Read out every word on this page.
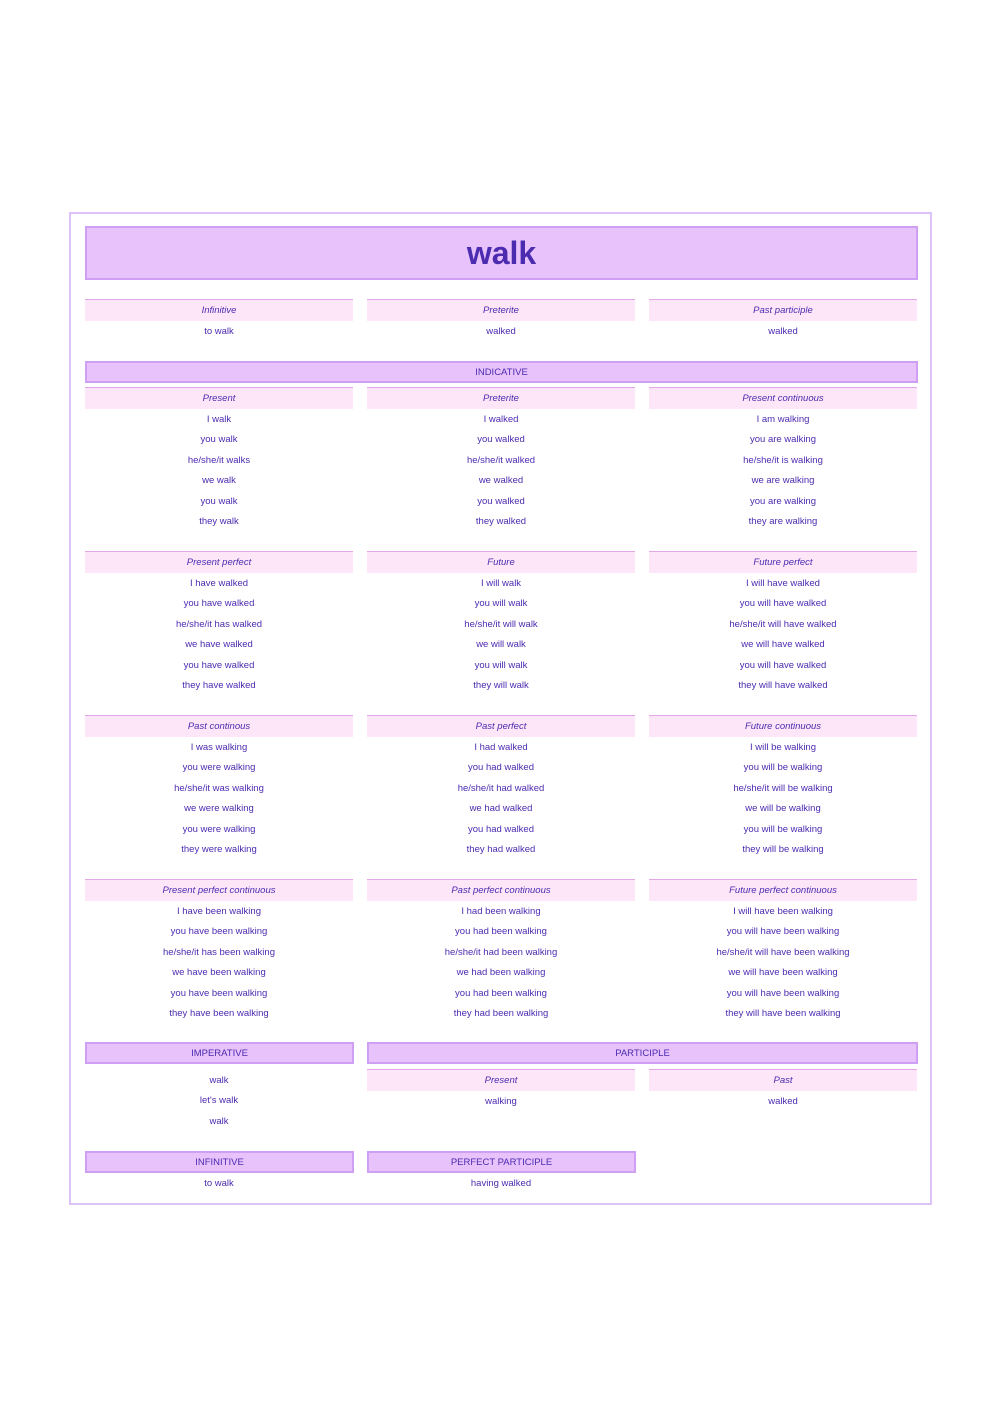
walk
Infinitive
to walk
Preterite
walked
Past participle
walked
INDICATIVE
Present
I walk
you walk
he/she/it walks
we walk
you walk
they walk
Preterite
I walked
you walked
he/she/it walked
we walked
you walked
they walked
Present continuous
I am walking
you are walking
he/she/it is walking
we are walking
you are walking
they are walking
Present perfect
I have walked
you have walked
he/she/it has walked
we have walked
you have walked
they have walked
Future
I will walk
you will walk
he/she/it will walk
we will walk
you will walk
they will walk
Future perfect
I will have walked
you will have walked
he/she/it will have walked
we will have walked
you will have walked
they will have walked
Past continous
I was walking
you were walking
he/she/it was walking
we were walking
you were walking
they were walking
Past perfect
I had walked
you had walked
he/she/it had walked
we had walked
you had walked
they had walked
Future continuous
I will be walking
you will be walking
he/she/it will be walking
we will be walking
you will be walking
they will be walking
Present perfect continuous
I have been walking
you have been walking
he/she/it has been walking
we have been walking
you have been walking
they have been walking
Past perfect continuous
I had been walking
you had been walking
he/she/it had been walking
we had been walking
you had been walking
they had been walking
Future perfect continuous
I will have been walking
you will have been walking
he/she/it will have been walking
we will have been walking
you will have been walking
they will have been walking
IMPERATIVE
walk
let's walk
walk
PARTICIPLE
Present
walking
Past
walked
INFINITIVE
to walk
PERFECT PARTICIPLE
having walked
